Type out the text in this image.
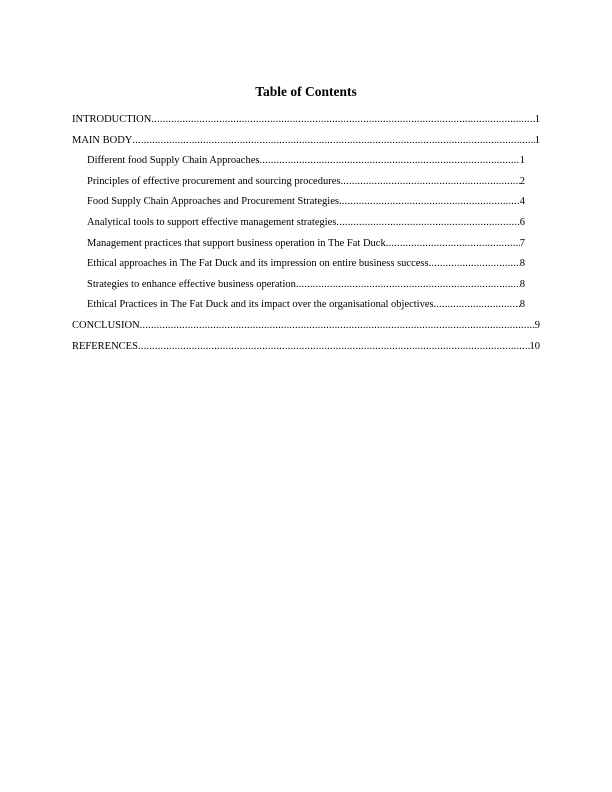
Table of Contents
INTRODUCTION .....	1
MAIN BODY .....	1
Different food Supply Chain Approaches .....	1
Principles of effective procurement and sourcing procedures .....	2
Food Supply Chain Approaches and Procurement Strategies .....	4
Analytical tools to support effective management strategies .....	6
Management practices that support business operation in The Fat Duck .....	7
Ethical approaches in The Fat Duck and its impression on entire business success .....	8
Strategies to enhance effective business operation .....	8
Ethical Practices in The Fat Duck and its impact over the organisational objectives. .....	8
CONCLUSION .....	9
REFERENCES .....	10
